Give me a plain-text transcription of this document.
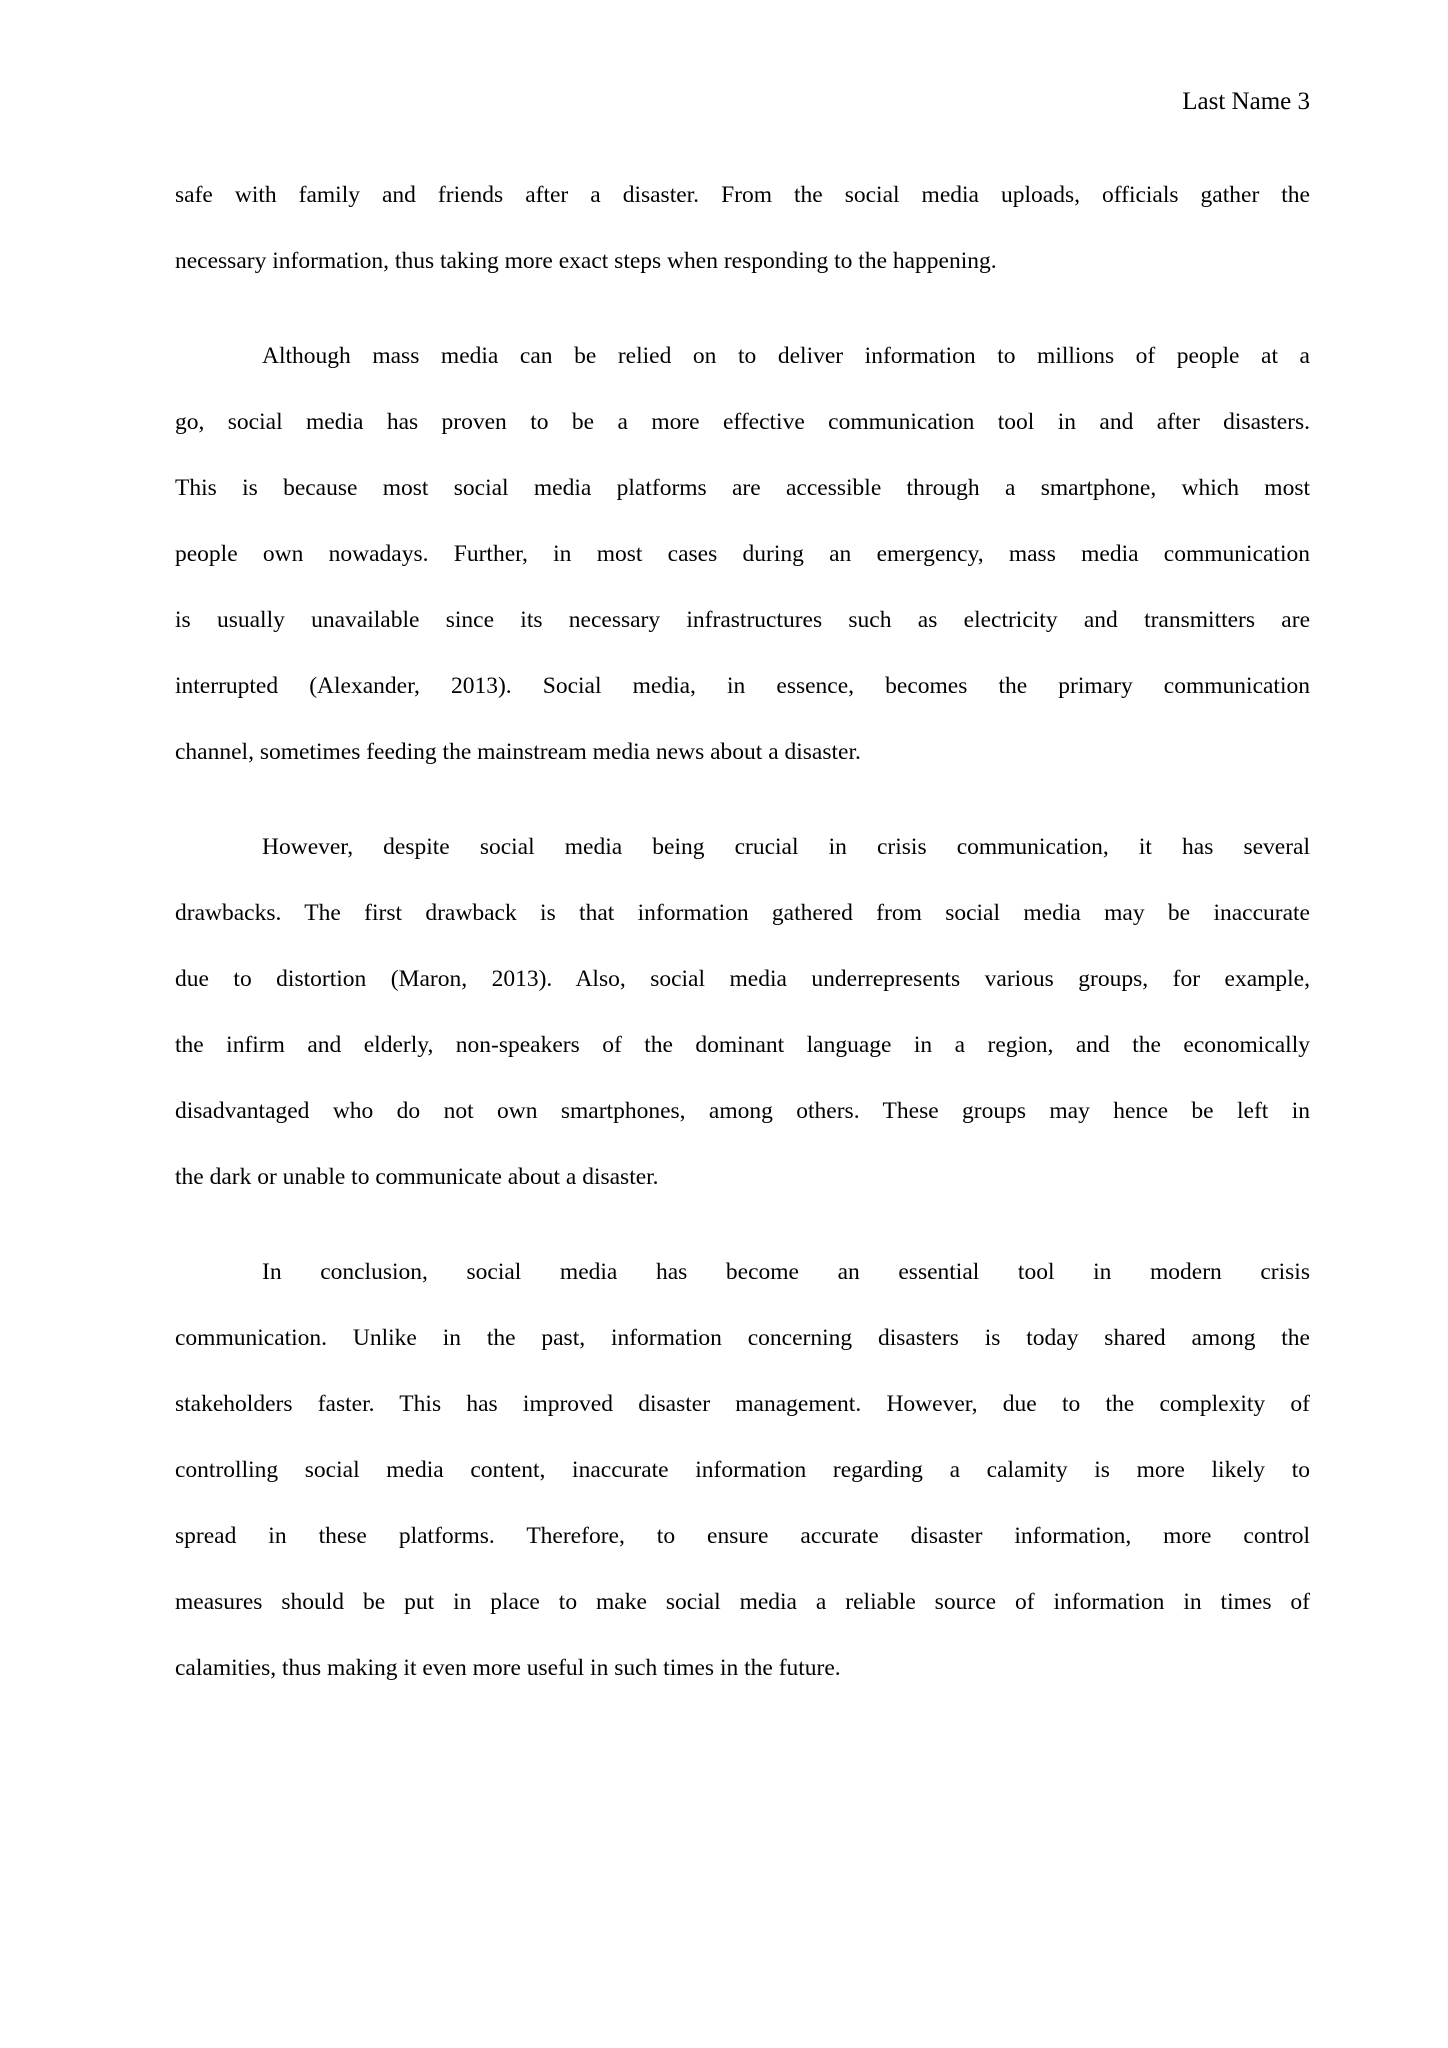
Last Name 3
safe with family and friends after a disaster. From the social media uploads, officials gather the
necessary information, thus taking more exact steps when responding to the happening.
Although mass media can be relied on to deliver information to millions of people at a
go, social media has proven to be a more effective communication tool in and after disasters.
This is because most social media platforms are accessible through a smartphone, which most
people own nowadays. Further, in most cases during an emergency, mass media communication
is usually unavailable since its necessary infrastructures such as electricity and transmitters are
interrupted (Alexander, 2013). Social media, in essence, becomes the primary communication
channel, sometimes feeding the mainstream media news about a disaster.
However, despite social media being crucial in crisis communication, it has several
drawbacks. The first drawback is that information gathered from social media may be inaccurate
due to distortion (Maron, 2013). Also, social media underrepresents various groups, for example,
the infirm and elderly, non-speakers of the dominant language in a region, and the economically
disadvantaged who do not own smartphones, among others. These groups may hence be left in
the dark or unable to communicate about a disaster.
In conclusion, social media has become an essential tool in modern crisis
communication. Unlike in the past, information concerning disasters is today shared among the
stakeholders faster. This has improved disaster management. However, due to the complexity of
controlling social media content, inaccurate information regarding a calamity is more likely to
spread in these platforms. Therefore, to ensure accurate disaster information, more control
measures should be put in place to make social media a reliable source of information in times of
calamities, thus making it even more useful in such times in the future.
